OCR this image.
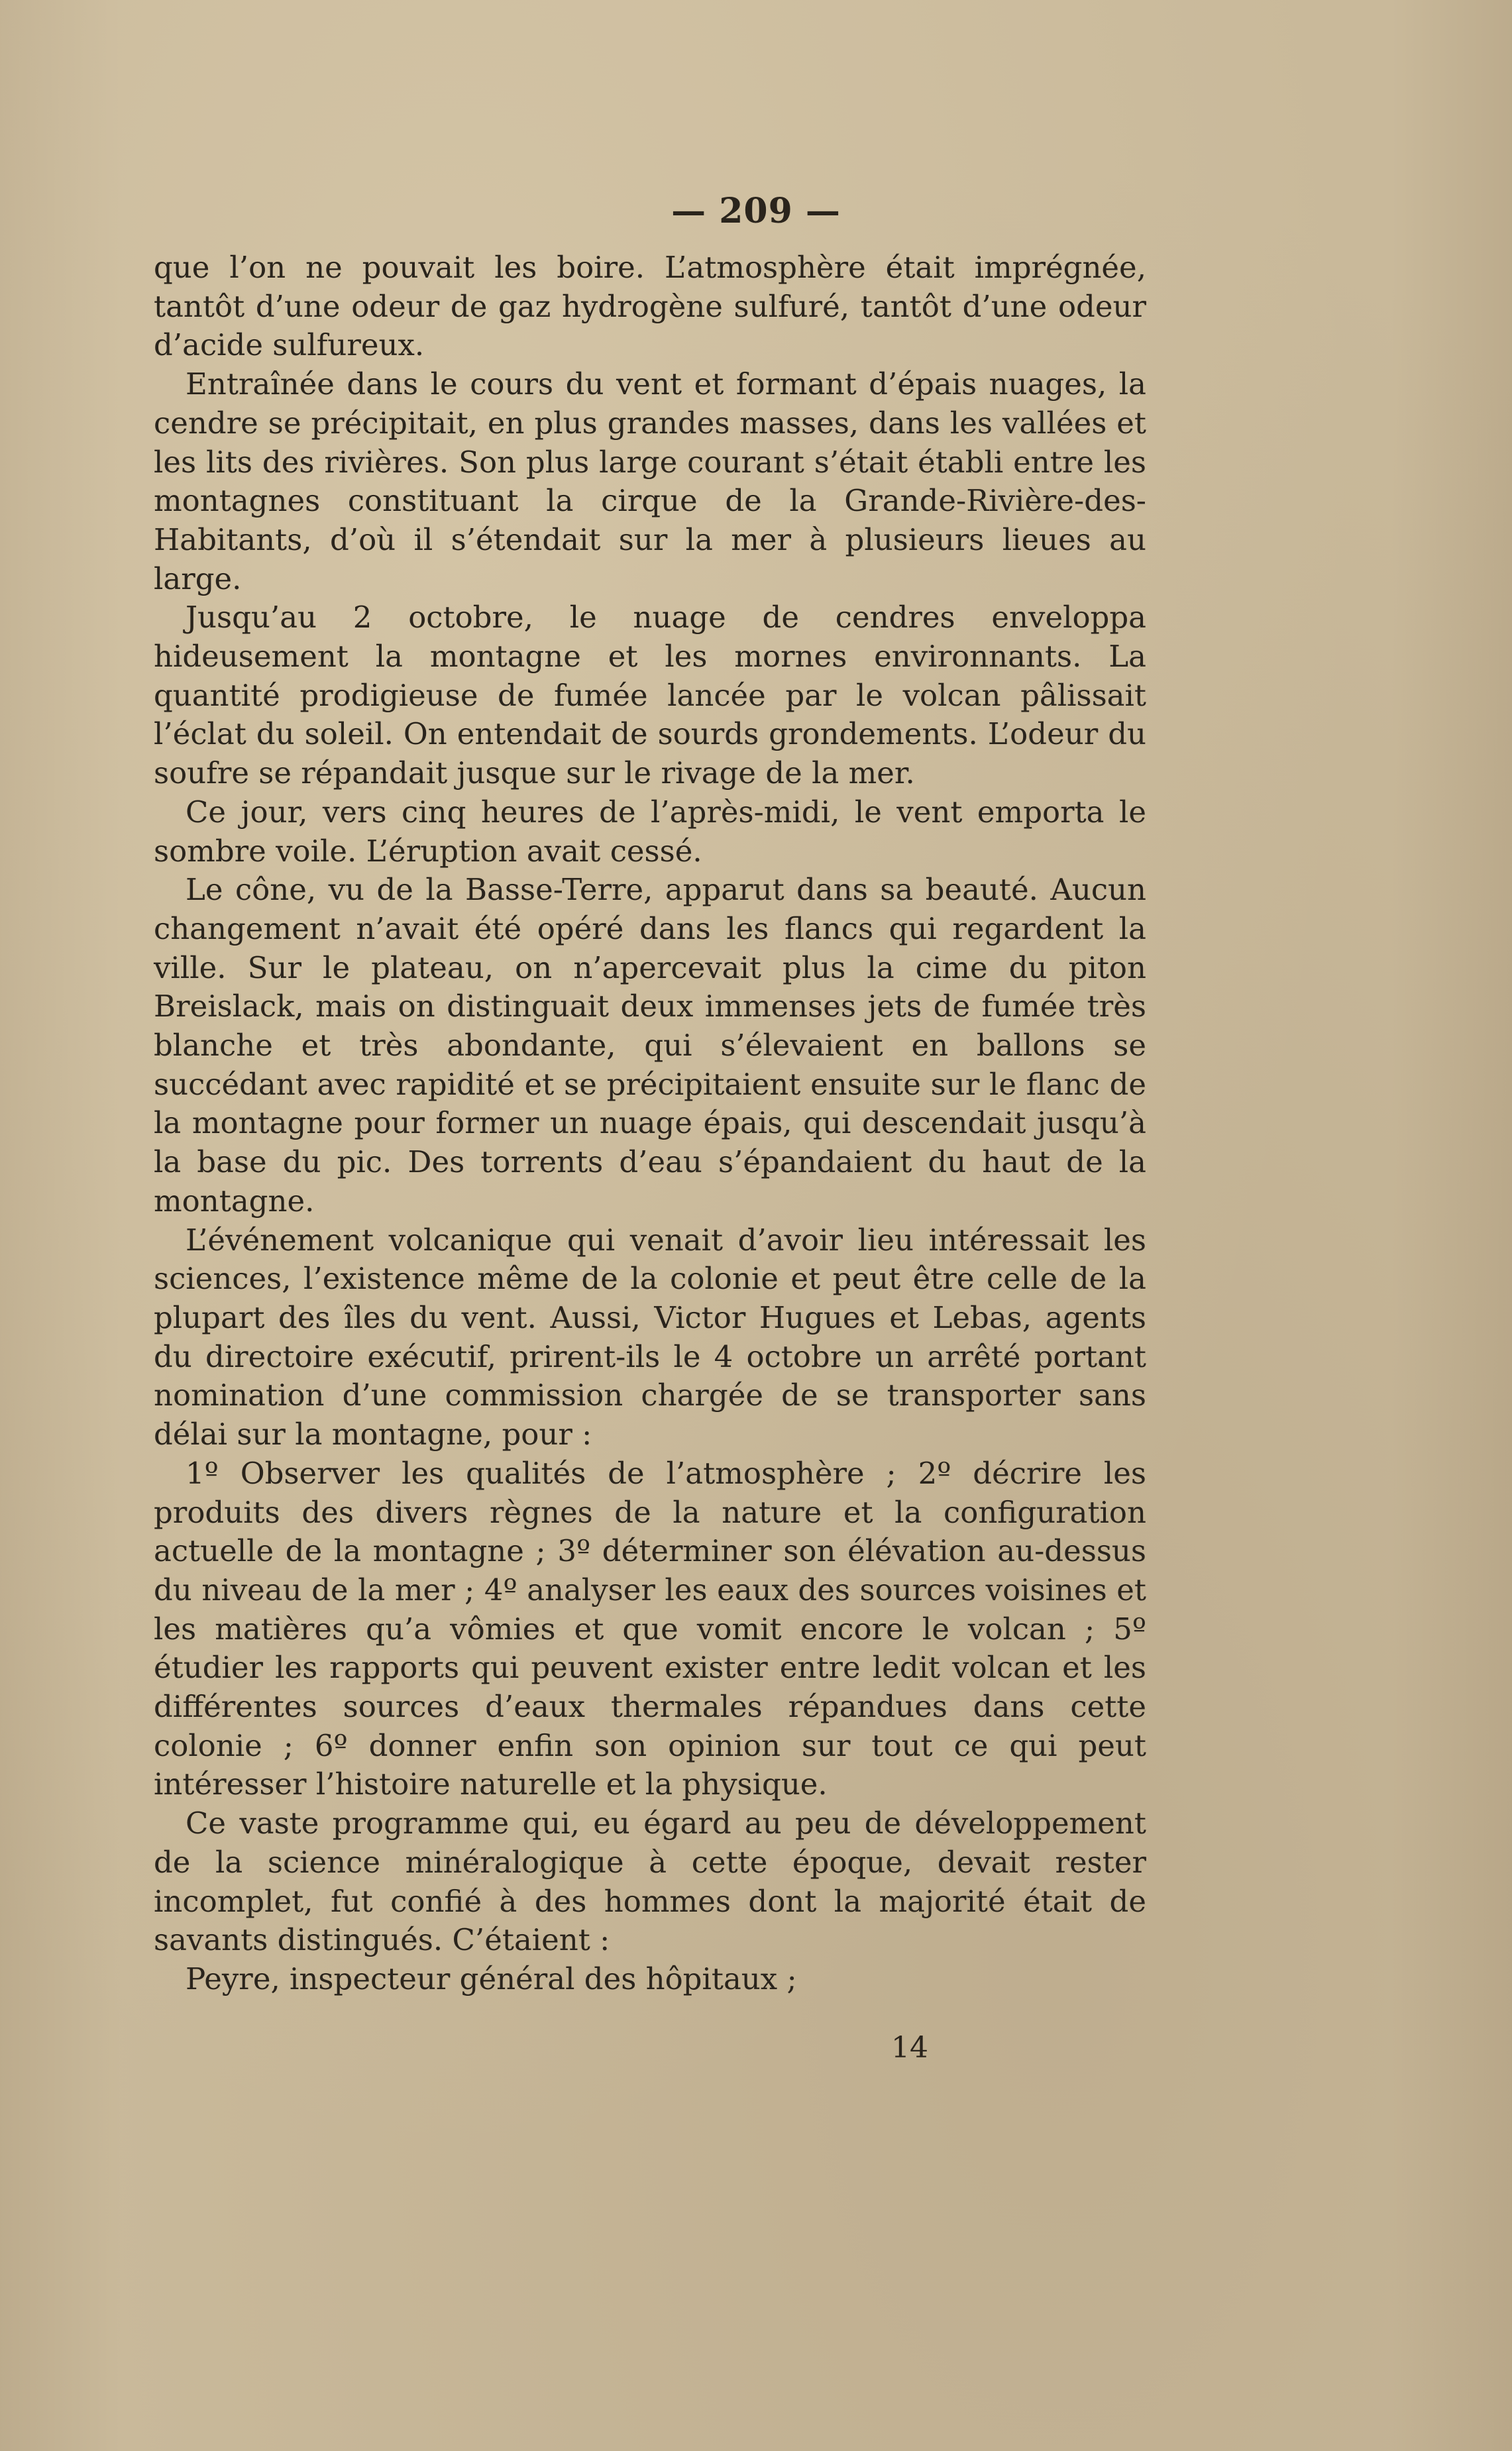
— 209 —

que l’on ne pouvait les boire. L’atmosphère était imprégnée, tantôt d’une odeur de gaz hydrogène sulfuré, tantôt d’une odeur d’acide sulfureux.

Entraînée dans le cours du vent et formant d’épais nuages, la cendre se précipitait, en plus grandes masses, dans les vallées et les lits des rivières. Son plus large courant s’était établi entre les montagnes constituant la cirque de la Grande-Rivière-des-Habitants, d’où il s’étendait sur la mer à plusieurs lieues au large.

Jusqu’au 2 octobre, le nuage de cendres enveloppa hideusement la montagne et les mornes environnants. La quantité prodigieuse de fumée lancée par le volcan pâlissait l’éclat du soleil. On entendait de sourds grondements. L’odeur du soufre se répandait jusque sur le rivage de la mer.

Ce jour, vers cinq heures de l’après-midi, le vent emporta le sombre voile. L’éruption avait cessé.

Le cône, vu de la Basse-Terre, apparut dans sa beauté. Aucun changement n’avait été opéré dans les flancs qui regardent la ville. Sur le plateau, on n’apercevait plus la cime du piton Breislack, mais on distinguait deux immenses jets de fumée très blanche et très abondante, qui s’élevaient en ballons se succédant avec rapidité et se précipitaient ensuite sur le flanc de la montagne pour former un nuage épais, qui descendait jusqu’à la base du pic. Des torrents d’eau s’épandaient du haut de la montagne.

L’événement volcanique qui venait d’avoir lieu intéressait les sciences, l’existence même de la colonie et peut être celle de la plupart des îles du vent. Aussi, Victor Hugues et Lebas, agents du directoire exécutif, prirent-ils le 4 octobre un arrêté portant nomination d’une commission chargée de se transporter sans délai sur la montagne, pour :

1º Observer les qualités de l’atmosphère ; 2º décrire les produits des divers règnes de la nature et la configuration actuelle de la montagne ; 3º déterminer son élévation au-dessus du niveau de la mer ; 4º analyser les eaux des sources voisines et les matières qu’a vômies et que vomit encore le volcan ; 5º étudier les rapports qui peuvent exister entre ledit volcan et les différentes sources d’eaux thermales répandues dans cette colonie ; 6º donner enfin son opinion sur tout ce qui peut intéresser l’histoire naturelle et la physique.

Ce vaste programme qui, eu égard au peu de développement de la science minéralogique à cette époque, devait rester incomplet, fut confié à des hommes dont la majorité était de savants distingués. C’étaient :

Peyre, inspecteur général des hôpitaux ;

14
